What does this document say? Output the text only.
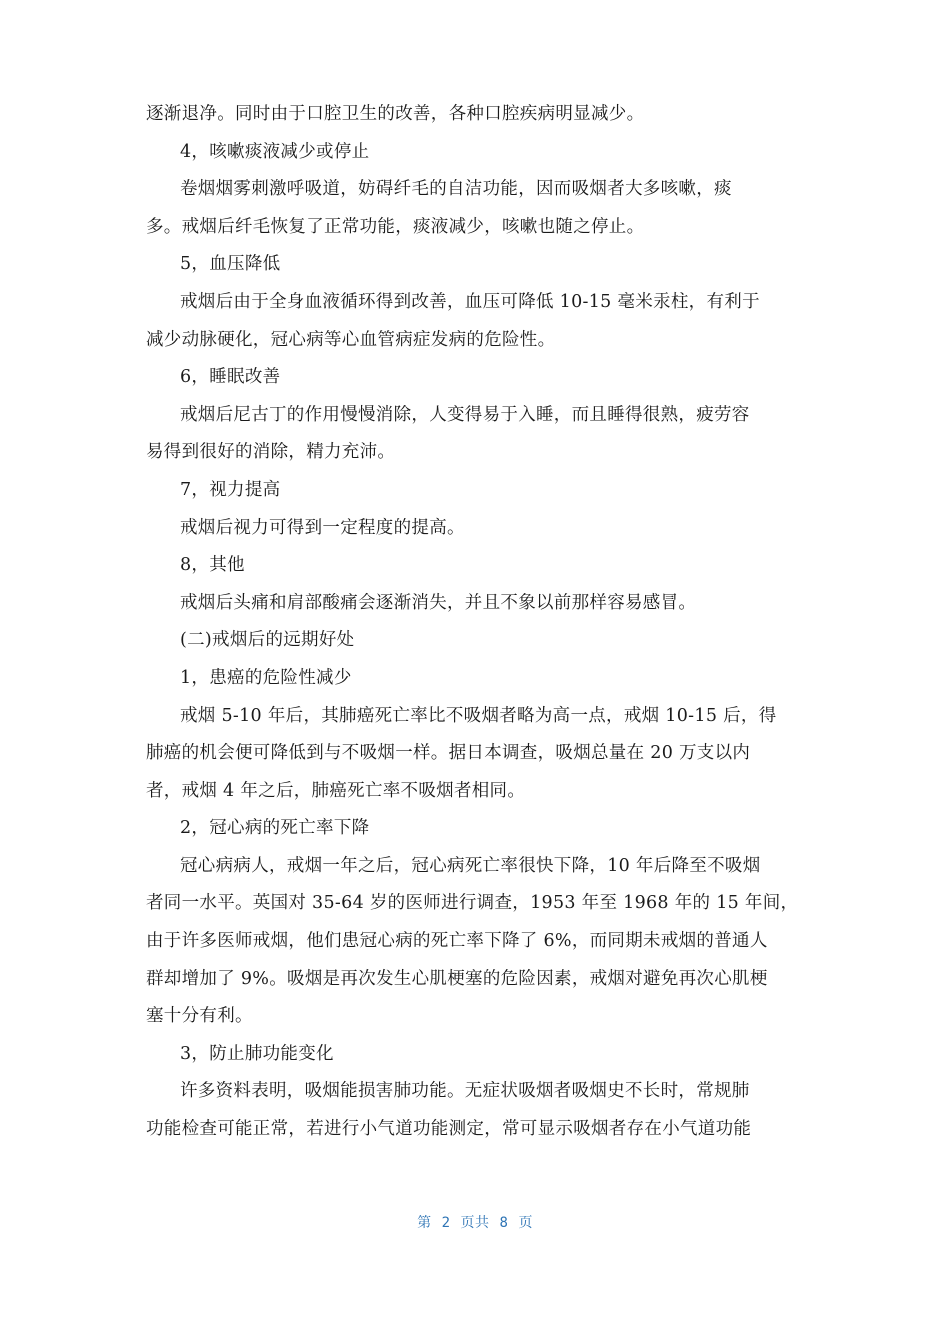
逐渐退净。同时由于口腔卫生的改善，各种口腔疾病明显减少。
4，咳嗽痰液减少或停止
卷烟烟雾刺激呼吸道，妨碍纤毛的自洁功能，因而吸烟者大多咳嗽，痰
多。戒烟后纤毛恢复了正常功能，痰液减少，咳嗽也随之停止。
5，血压降低
戒烟后由于全身血液循环得到改善，血压可降低 10-15 毫米汞柱，有利于
减少动脉硬化，冠心病等心血管病症发病的危险性。
6，睡眠改善
戒烟后尼古丁的作用慢慢消除，人变得易于入睡，而且睡得很熟，疲劳容
易得到很好的消除，精力充沛。
7，视力提高
戒烟后视力可得到一定程度的提高。
8，其他
戒烟后头痛和肩部酸痛会逐渐消失，并且不象以前那样容易感冒。
(二)戒烟后的远期好处
1，患癌的危险性减少
戒烟 5-10 年后，其肺癌死亡率比不吸烟者略为高一点，戒烟 10-15 后，得
肺癌的机会便可降低到与不吸烟一样。据日本调查，吸烟总量在 20 万支以内
者，戒烟 4 年之后，肺癌死亡率不吸烟者相同。
2，冠心病的死亡率下降
冠心病病人，戒烟一年之后，冠心病死亡率很快下降，10 年后降至不吸烟
者同一水平。英国对 35-64 岁的医师进行调查，1953 年至 1968 年的 15 年间，
由于许多医师戒烟，他们患冠心病的死亡率下降了 6%，而同期未戒烟的普通人
群却增加了 9%。吸烟是再次发生心肌梗塞的危险因素，戒烟对避免再次心肌梗
塞十分有利。
3，防止肺功能变化
许多资料表明，吸烟能损害肺功能。无症状吸烟者吸烟史不长时，常规肺
功能检查可能正常，若进行小气道功能测定，常可显示吸烟者存在小气道功能
第 2 页共 8 页
